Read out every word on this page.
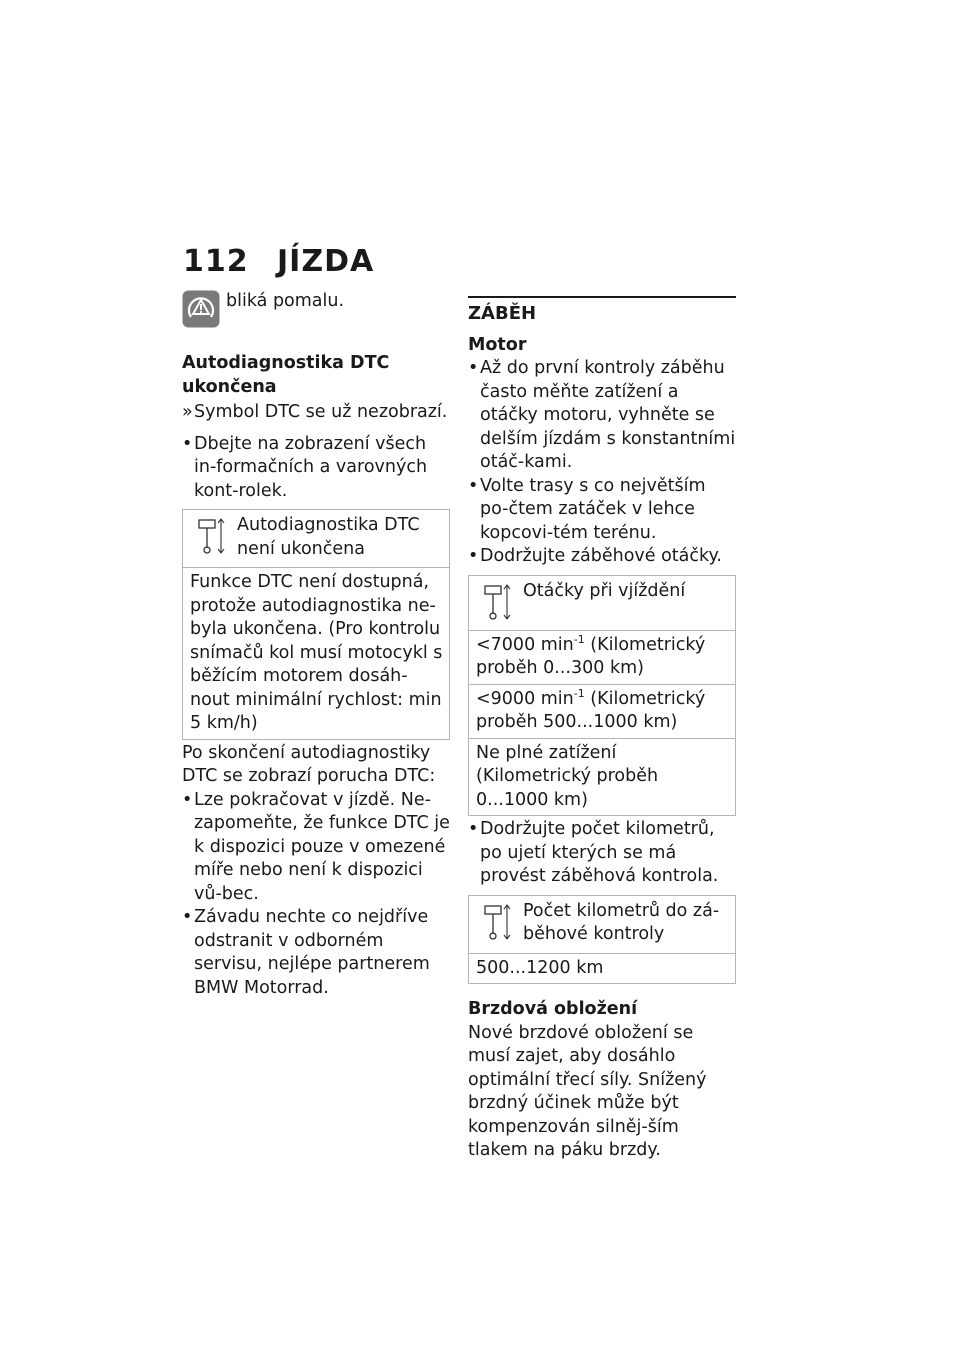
112 JÍZDA
bliká pomalu.
Autodiagnostika DTC ukončena
» Symbol DTC se už nezobrazí.
• Dbejte na zobrazení všech in-formačních a varovných kont-rolek.
Autodiagnostika DTC není ukončena
Funkce DTC není dostupná, protože autodiagnostika ne-byla ukončena. (Pro kontrolu snímačů kol musí motocykl s běžícím motorem dosáh-nout minimální rychlost: min 5 km/h)
Po skončení autodiagnostiky DTC se zobrazí porucha DTC:
• Lze pokračovat v jízdě. Ne-zapomeňte, že funkce DTC je k dispozici pouze v omezené míře nebo není k dispozici vů-bec.
• Závadu nechte co nejdříve odstranit v odborném servisu, nejlépe partnerem BMW Motorrad.
ZÁBĚH
Motor
• Až do první kontroly záběhu často měňte zatížení a otáčky motoru, vyhněte se delším jízdám s konstantními otáč-kami.
• Volte trasy s co největším po-čtem zatáček v lehce kopcovi-tém terénu.
• Dodržujte záběhové otáčky.
Otáčky při vjíždění
<7000 $\min^{-1}$ (Kilometrický proběh 0...300 km)
<9000 $\min^{-1}$ (Kilometrický proběh 500...1000 km)
Ne plné zatížení (Kilometrický proběh 0...1000 km)
• Dodržujte počet kilometrů, po ujetí kterých se má provést záběhová kontrola.
Počet kilometrů do zá-běhové kontroly
500...1200 km
Brzdová obložení
Nové brzdové obložení se musí zajet, aby dosáhlo optimální třecí síly. Snížený brzdný účinek může být kompenzován silněj-ším tlakem na páku brzdy.
